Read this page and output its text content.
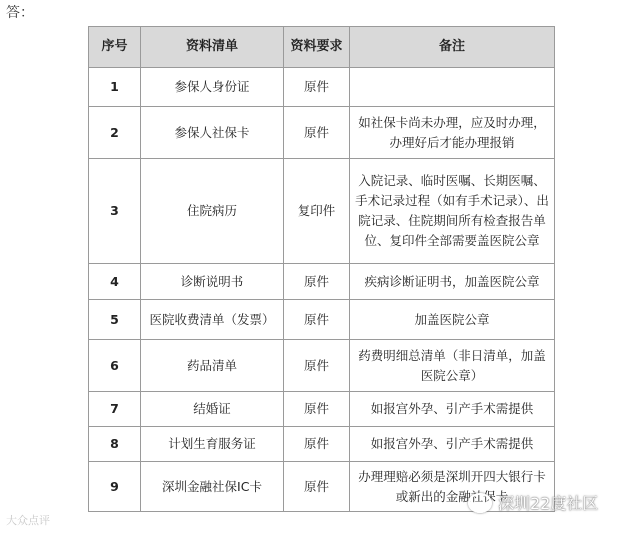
答：
序号	资料清单	资料要求	备注
1	参保人身份证	原件	
2	参保人社保卡	原件	如社保卡尚未办理，应及时办理，办理好后才能办理报销
3	住院病历	复印件	入院记录、临时医嘱、长期医嘱、手术记录过程（如有手术记录）、出院记录、住院期间所有检查报告单位、复印件全部需要盖医院公章
4	诊断说明书	原件	疾病诊断证明书，加盖医院公章
5	医院收费清单（发票）	原件	加盖医院公章
6	药品清单	原件	药费明细总清单（非日清单，加盖医院公章）
7	结婚证	原件	如报宫外孕、引产手术需提供
8	计划生育服务证	原件	如报宫外孕、引产手术需提供
9	深圳金融社保IC卡	原件	办理理赔必须是深圳开四大银行卡或新出的金融社保卡
大众点评
深圳22度社区
